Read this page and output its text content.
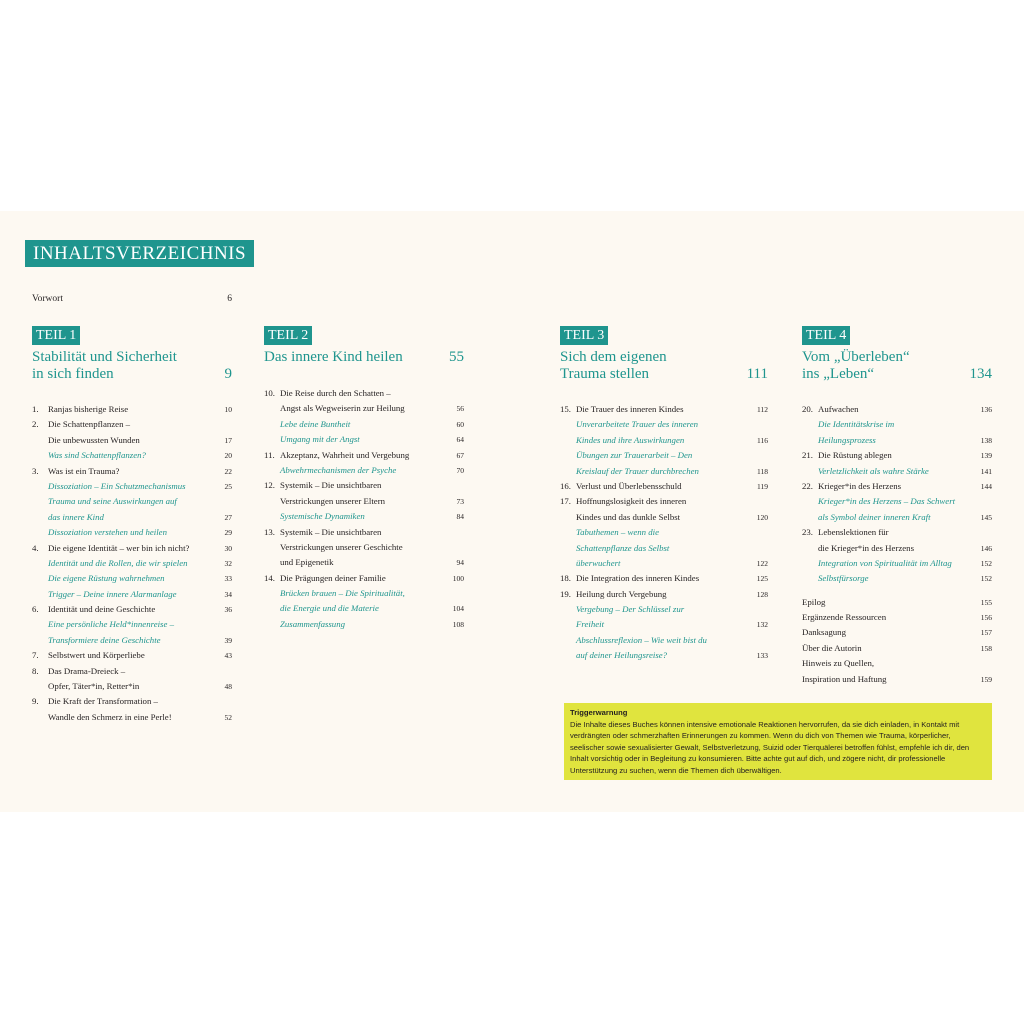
INHALTSVERZEICHNIS
Vorwort	6
TEIL 1
Stabilität und Sicherheit
in sich finden	9
1. Ranjas bisherige Reise	10
2. Die Schattenpflanzen –
Die unbewussten Wunden	17
Was sind Schattenpflanzen?	20
3. Was ist ein Trauma?	22
Dissoziation – Ein Schutzmechanismus	25
Trauma und seine Auswirkungen auf
das innere Kind	27
Dissoziation verstehen und heilen	29
4. Die eigene Identität – wer bin ich nicht?	30
Identität und die Rollen, die wir spielen	32
Die eigene Rüstung wahrnehmen	33
Trigger – Deine innere Alarmanlage	34
6. Identität und deine Geschichte	36
Eine persönliche Held*innenreise –
Transformiere deine Geschichte	39
7. Selbstwert und Körperliebe	43
8. Das Drama-Dreieck –
Opfer, Täter*in, Retter*in	48
9. Die Kraft der Transformation –
Wandle den Schmerz in eine Perle!	52
TEIL 2
Das innere Kind heilen	55
10. Die Reise durch den Schatten –
Angst als Wegweiserin zur Heilung	56
Lebe deine Buntheit	60
Umgang mit der Angst	64
11. Akzeptanz, Wahrheit und Vergebung	67
Abwehrmechanismen der Psyche	70
12. Systemik – Die unsichtbaren
Verstrickungen unserer Eltern	73
Systemische Dynamiken	84
13. Systemik – Die unsichtbaren
Verstrickungen unserer Geschichte
und Epigenetik	94
14. Die Prägungen deiner Familie	100
Brücken brauen – Die Spiritualität,
die Energie und die Materie	104
Zusammenfassung	108
TEIL 3
Sich dem eigenen
Trauma stellen	111
15. Die Trauer des inneren Kindes	112
Unverarbeitete Trauer des inneren
Kindes und ihre Auswirkungen	116
Übungen zur Trauerarbeit – Den
Kreislauf der Trauer durchbrechen	118
16. Verlust und Überlebensschuld	119
17. Hoffnungslosigkeit des inneren
Kindes und das dunkle Selbst	120
Tabuthemen – wenn die
Schattenpflanze das Selbst
überwuchert	122
18. Die Integration des inneren Kindes	125
19. Heilung durch Vergebung	128
Vergebung – Der Schlüssel zur
Freiheit	132
Abschlussreflexion – Wie weit bist du
auf deiner Heilungsreise?	133
TEIL 4
Vom „Überleben“
ins „Leben“	134
20. Aufwachen	136
Die Identitätskrise im
Heilungsprozess	138
21. Die Rüstung ablegen	139
Verletzlichkeit als wahre Stärke	141
22. Krieger*in des Herzens	144
Krieger*in des Herzens – Das Schwert
als Symbol deiner inneren Kraft	145
23. Lebenslektionen für
die Krieger*in des Herzens	146
Integration von Spiritualität im Alltag	152
Selbstfürsorge	152
Epilog	155
Ergänzende Ressourcen	156
Danksagung	157
Über die Autorin	158
Hinweis zu Quellen,
Inspiration und Haftung	159
Triggerwarnung
Die Inhalte dieses Buches können intensive emotionale Reaktionen hervorrufen, da sie dich einladen, in Kontakt mit verdrängten oder schmerzhaften Erinnerungen zu kommen. Wenn du dich von Themen wie Trauma, körperlicher, seelischer sowie sexualisierter Gewalt, Selbstverletzung, Suizid oder Tierquälerei betroffen fühlst, empfehle ich dir, den Inhalt vorsichtig oder in Begleitung zu konsumieren. Bitte achte gut auf dich, und zögere nicht, dir professionelle Unterstützung zu suchen, wenn die Themen dich überwältigen.
